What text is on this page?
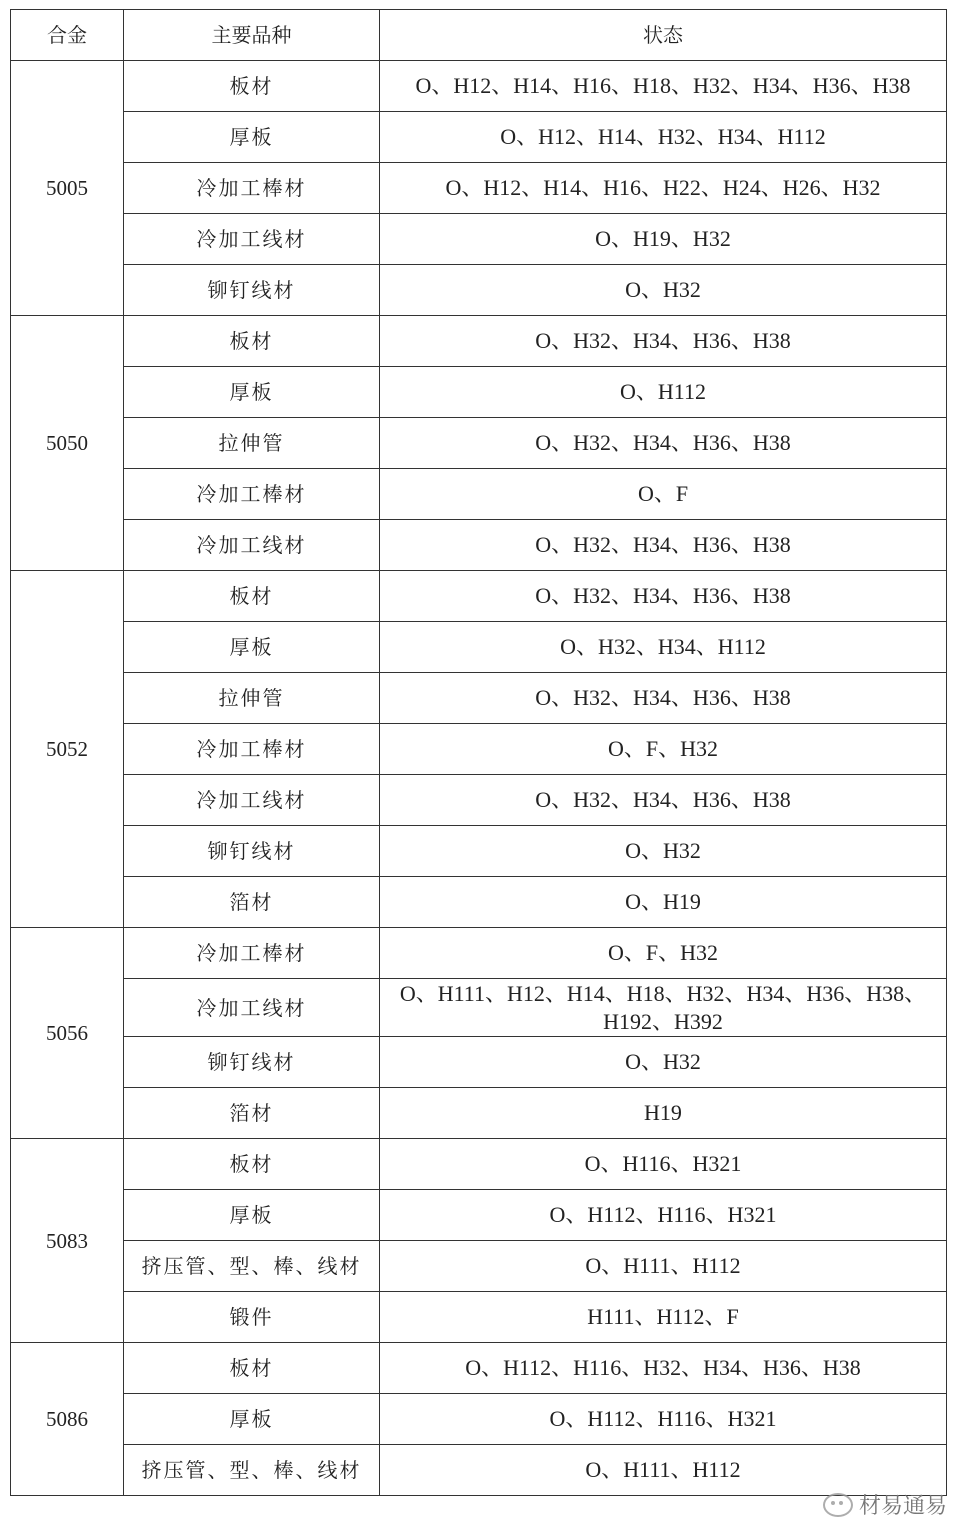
合金	主要品种	状态
5005	板材	O、H12、H14、H16、H18、H32、H34、H36、H38
	厚板	O、H12、H14、H32、H34、H112
	冷加工棒材	O、H12、H14、H16、H22、H24、H26、H32
	冷加工线材	O、H19、H32
	铆钉线材	O、H32
5050	板材	O、H32、H34、H36、H38
	厚板	O、H112
	拉伸管	O、H32、H34、H36、H38
	冷加工棒材	O、F
	冷加工线材	O、H32、H34、H36、H38
5052	板材	O、H32、H34、H36、H38
	厚板	O、H32、H34、H112
	拉伸管	O、H32、H34、H36、H38
	冷加工棒材	O、F、H32
	冷加工线材	O、H32、H34、H36、H38
	铆钉线材	O、H32
	箔材	O、H19
5056	冷加工棒材	O、F、H32
	冷加工线材	O、H111、H12、H14、H18、H32、H34、H36、H38、H192、H392
	铆钉线材	O、H32
	箔材	H19
5083	板材	O、H116、H321
	厚板	O、H112、H116、H321
	挤压管、型、棒、线材	O、H111、H112
	锻件	H111、H112、F
5086	板材	O、H112、H116、H32、H34、H36、H38
	厚板	O、H112、H116、H321
	挤压管、型、棒、线材	O、H111、H112
材易通易
